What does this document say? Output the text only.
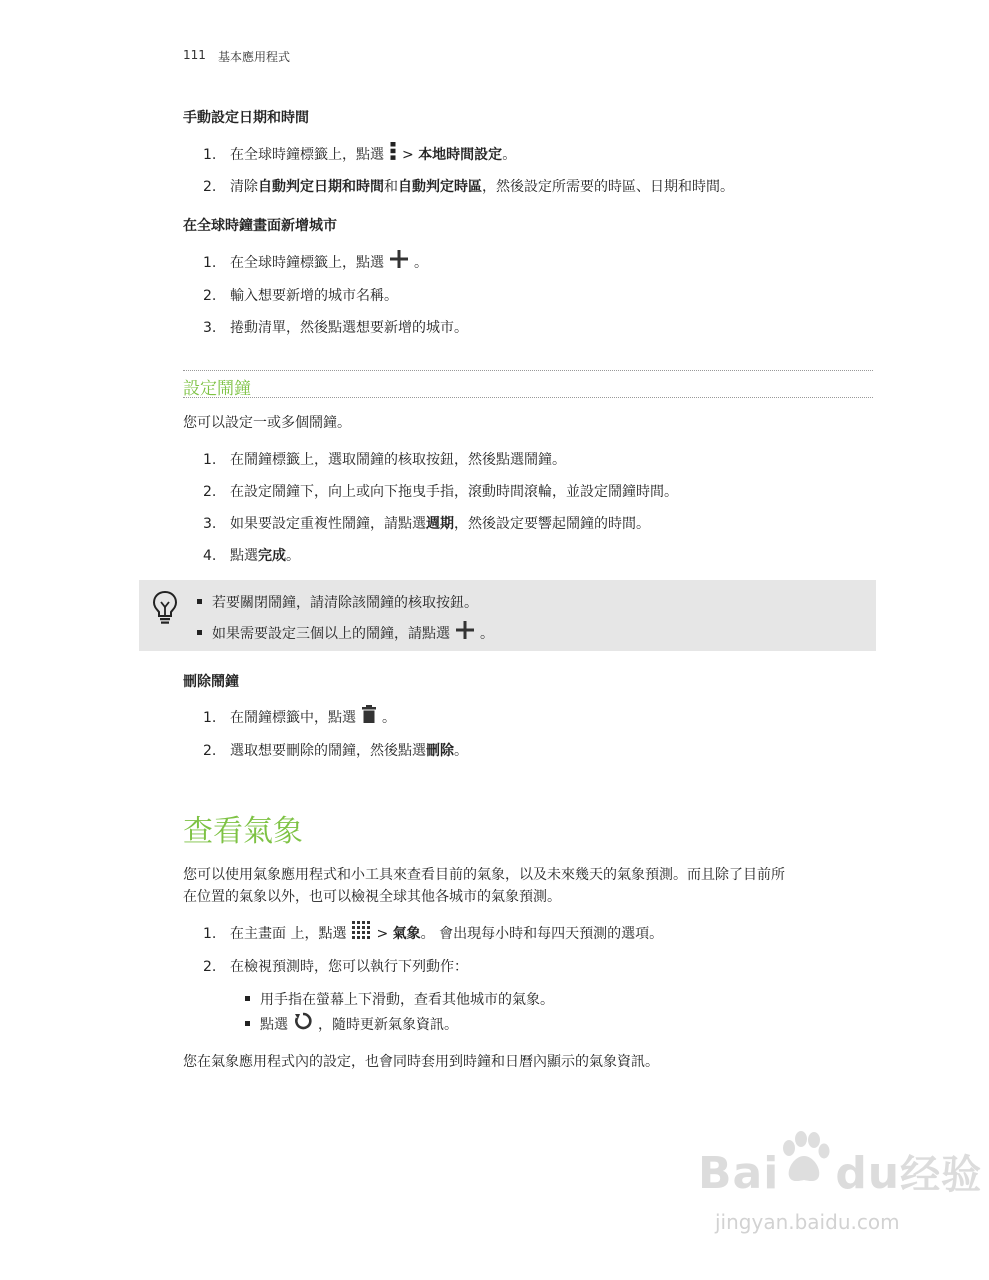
111 基本應用程式
手動設定日期和時間
1. 在全球時鐘標籤上，點選 > 本地時間設定。
2. 清除自動判定日期和時間和自動判定時區，然後設定所需要的時區、日期和時間。
在全球時鐘畫面新增城市
1. 在全球時鐘標籤上，點選 。
2. 輸入想要新增的城市名稱。
3. 捲動清單，然後點選想要新增的城市。
設定鬧鐘
您可以設定一或多個鬧鐘。
1. 在鬧鐘標籤上，選取鬧鐘的核取按鈕，然後點選鬧鐘。
2. 在設定鬧鐘下，向上或向下拖曳手指，滾動時間滾輪，並設定鬧鐘時間。
3. 如果要設定重複性鬧鐘，請點選週期，然後設定要響起鬧鐘的時間。
4. 點選完成。
若要關閉鬧鐘，請清除該鬧鐘的核取按鈕。
如果需要設定三個以上的鬧鐘，請點選 。
刪除鬧鐘
1. 在鬧鐘標籤中，點選 。
2. 選取想要刪除的鬧鐘，然後點選刪除。
查看氣象
您可以使用氣象應用程式和小工具來查看目前的氣象，以及未來幾天的氣象預測。而且除了目前所
在位置的氣象以外，也可以檢視全球其他各城市的氣象預測。
1. 在主畫面 上，點選 > 氣象。 會出現每小時和每四天預測的選項。
2. 在檢視預測時，您可以執行下列動作：
用手指在螢幕上下滑動，查看其他城市的氣象。
點選 ，隨時更新氣象資訊。
您在氣象應用程式內的設定，也會同時套用到時鐘和日曆內顯示的氣象資訊。
Bai du经验
jingyan.baidu.com
